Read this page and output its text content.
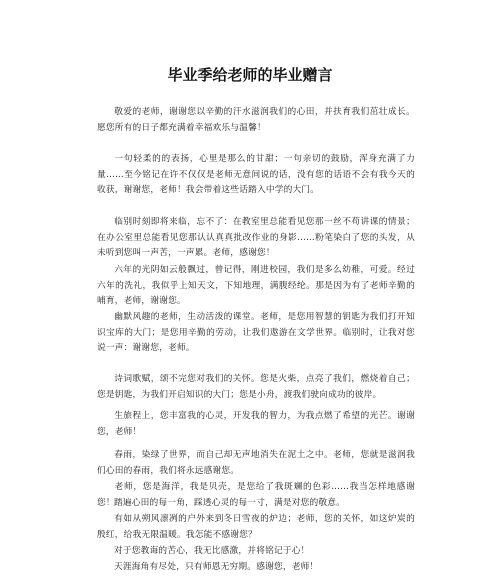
毕业季给老师的毕业赠言

敬爱的老师，谢谢您以辛勤的汗水滋润我们的心田，并扶育我们茁壮成长。愿您所有的日子都充满着幸福欢乐与温馨！

一句轻柔的的表扬，心里是那么的甘甜；一句亲切的鼓励，浑身充满了力量……至今铭记在许不仅仅是老师无意间说的话，没有您的话语不会有我今天的收获，谢谢您，老师！我会带着这些话踏入中学的大门。

临别时刻即将来临，忘不了：在教室里总能看见您那一丝不苟讲课的情景；在办公室里总能看见您那认认真真批改作业的身影……粉笔染白了您的头发，从未听到您叫一声苦，一声累。老师，感谢您！

六年的光阴如云般飘过，曾记得，刚进校园，我们是多么幼稚，可爱。经过六年的洗礼，我似乎上知天文，下知地理，满腹经纶。那是因为有了老师辛勤的哺育，老师，谢谢您。

幽默风趣的老师，生动活泼的课堂。老师，是您用智慧的钥匙为我们打开知识宝库的大门；是您用辛勤的劳动，让我们遨游在文学世界。临别时，让我对您说一声：谢谢您，老师。

诗词歌赋，颂不完您对我们的关怀。您是火柴，点亮了我们，燃烧着自己；您是钥匙，为我们开启知识的大门；您是小舟，渡我们驶向成功的彼岸。

生旅程上，您丰富我的心灵，开发我的智力，为我点燃了希望的光芒。谢谢您，老师！

春雨，染绿了世界，而自己却无声地消失在泥土之中。老师，您就是滋润我们心田的春雨，我们将永远感谢您。

老师，您是海洋，我是贝壳，是您给了我斑斓的色彩……我当怎样地感谢您！ 踏遍心田的每一角，踩透心灵的每一寸，满是对您的敬意。

有如从朔风凛冽的户外来到冬日雪夜的炉边；老师，您的关怀，如这炉炭的殷红，给我无限温暖。我怎能不感谢您？

对于您教诲的苦心，我无比感激，并将铭记于心！

天涯海角有尽处，只有师恩无穷期。感谢您，老师！
